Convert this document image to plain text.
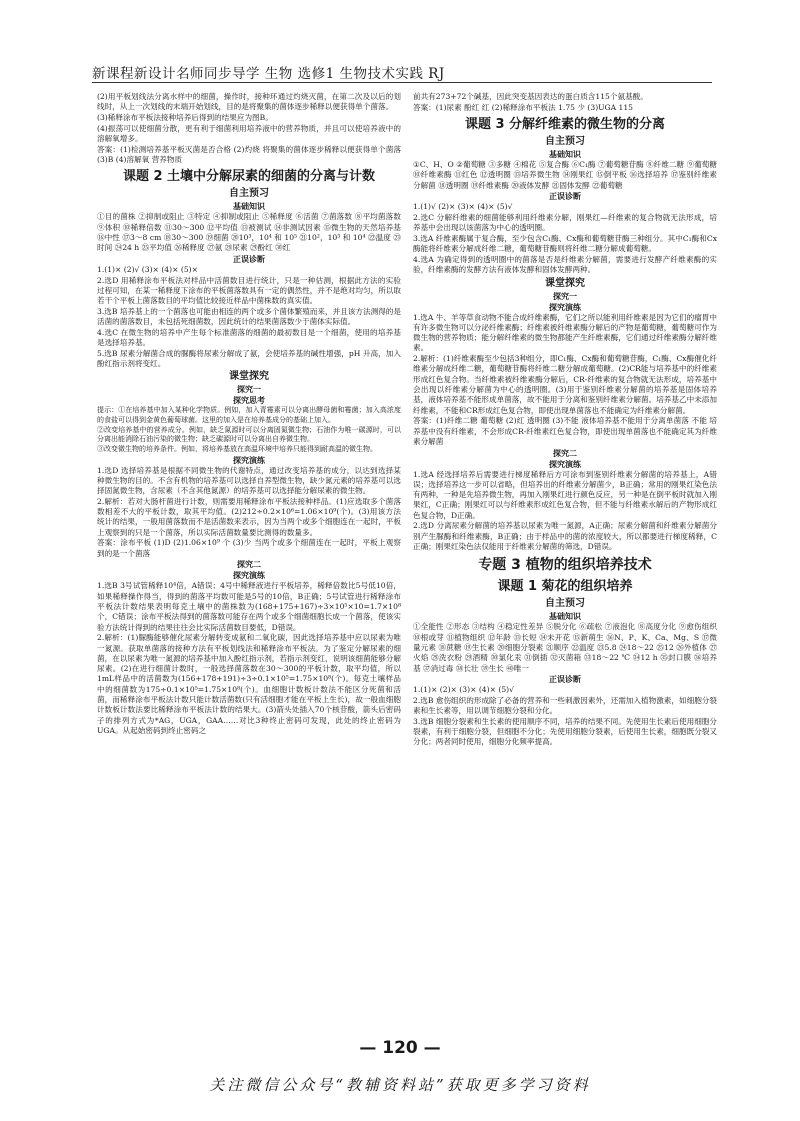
新课程新设计名师同步导学 生物 选修1 生物技术实践 RJ

(2)用平板划线法分离水样中的细菌，操作时，接种环通过灼烧灭菌，在第二次及以后的划线时，从上一次划线的末端开始划线，目的是将聚集的菌体逐步稀释以便获得单个菌落。

(3)稀释涂布平板法接种培养后得到的结果应为图B。

(4)振荡可以使细菌分散，更有利于细菌利用培养液中的营养物质，并且可以使培养液中的溶解氧增多。

答案：(1)检测培养基平板灭菌是否合格 (2)灼烧 将聚集的菌体逐步稀释以便获得单个菌落 (3)B (4)溶解氧 营养物质

课题 2 土壤中分解尿素的细菌的分离与计数
自主预习
基础知识

①目的菌株 ②抑制或阻止 ③特定 ④抑制或阻止 ⑤稀释度 ⑥活菌 ⑦菌落数 ⑧平均菌落数 ⑨体积 ⑩稀释倍数 ⑪30～300 ⑫平均值 ⑬被测试 ⑭非测试因素 ⑮微生物的天然培养基 ⑯中性 ⑰3～8 cm ⑱30～300 ⑲细菌 ⑳10³，10⁴ 和 10⁵ ㉑10²，10³ 和 10⁴ ㉒温度 ㉓时间 ㉔24 h ㉕平均值 ㉖稀释度 ㉗氨 ㉘尿素 ㉙酚红 ㉚红

正误诊断

1.(1)× (2)√ (3)× (4)× (5)×

2.选D 用稀释涂布平板法对样品中活菌数目进行统计，只是一种估测，根据此方法的实验过程可知，在某一稀释度下涂布的平板菌落数具有一定的偶然性，并不是绝对均匀，所以取若干个平板上菌落数目的平均值比较接近样品中菌株数的真实值。

3.选B 培养基上的一个菌落也可能由相连的两个或多个菌体繁殖而来，并且该方法测得的是活菌的菌落数目，未包括死细菌数，因此统计的结果菌落数少于菌体实际值。

4.选C 在微生物的培养中产生每个标准菌落的细菌的最初数目是一个细菌，使用的培养基是选择培养基。

5.选B 尿素分解菌合成的脲酶将尿素分解成了氨，会使培养基的碱性增强，pH 升高，加入酚红指示剂将变红。

课堂探究
探究一
探究思考

提示：①在培养基中加入某种化学物质。例如，加入青霉素可以分离出酵母菌和霉菌；加入高浓度的食盐可以得到金黄色葡萄球菌。这里的加入是在培养基成分的基础上加入。

②改变培养基中的营养成分。例如，缺乏氮源时可以分离固氮微生物；石油作为唯一碳源时，可以分离出能消除石油污染的微生物；缺乏碳源时可以分离出自养微生物。

③改变微生物的培养条件。例如，将培养基放在高温环境中培养只能得到耐高温的微生物。

探究演练

1.选D 选择培养基是根据不同微生物的代谢特点，通过改变培养基的成分，以达到选择某种微生物的目的。不含有机物的培养基可以选择自养型微生物，缺少氮元素的培养基可以选择固氮微生物，含尿素（不含其他氮源）的培养基可以选择能分解尿素的微生物。

2.解析：若对大肠杆菌进行计数，则需要用稀释涂布平板法接种样品。(1)应选取多个菌落数相差不大的平板计数，取其平均值。(2)212÷0.2×10⁶=1.06×10⁹(个)。(3)用该方法统计的结果，一般用菌落数而不是活菌数来表示，因为当两个或多个细胞连在一起时，平板上观察到的只是一个菌落，所以实际活菌数量要比测得的数量多。

答案：涂布平板 (1)D (2)1.06×10⁹ 个 (3)少 当两个或多个细菌连在一起时，平板上观察到的是一个菌落

探究二
探究演练

1.选B 3号试管稀释10⁴倍，A错误；4号中稀释液进行平板培养，稀释倍数比5号低10倍，如果稀释操作得当，得到的菌落平均数可能是5号的10倍，B正确；5号试管进行稀释涂布平板法计数结果表明每克土壤中的菌株数为(168+175+167)÷3×10⁵×10=1.7×10⁸个，C错误；涂布平板法得到的菌落数可能存在两个或多个细菌细胞长成一个菌落，使该实验方法统计得到的结果往往会比实际活菌数目要低，D错误。

2.解析：(1)脲酶能够催化尿素分解转变成氨和二氧化碳，因此选择培养基中应以尿素为唯一氮源。获取单菌落的接种方法有平板划线法和稀释涂布平板法。为了鉴定分解尿素的细菌，在以尿素为唯一氮源的培养基中加入酚红指示剂，若指示剂变红，说明该细菌能够分解尿素。(2)在进行细菌计数时，一般选择菌落数在30～300的平板计数，取平均值，所以1mL样品中的活菌数为(156+178+191)÷3÷0.1×10⁵=1.75×10⁸(个)。每克土壤样品中的细菌数为175÷0.1×10⁵=1.75×10⁸(个)。血细胞计数板计数法不能区分死菌和活菌，而稀释涂布平板法计数只能计数活菌数(只有活细胞才能在平板上生长)，故一般血细胞计数板计数法要比稀释涂布平板法计数的结果大。(3)箭头处插入70个核苷酸，箭头后密码子的排列方式为*AG，UGA，GAA……对比3种终止密码可发现，此处的终止密码为UGA。从起始密码到终止密码之

前共有273+72个碱基，因此突变基因表达的蛋白质含115个氨基酸。

答案：(1)尿素 酚红 红 (2)稀释涂布平板法 1.75 少 (3)UGA 115

课题 3 分解纤维素的微生物的分离
自主预习
基础知识

①C、H、O ②葡萄糖 ③多糖 ④棉花 ⑤复合酶 ⑥C₁酶 ⑦葡萄糖苷酶 ⑧纤维二糖 ⑨葡萄糖 ⑩纤维素酶 ⑪红色 ⑫透明圈 ⑬培养微生物 ⑭刚果红 ⑮倒平板 ⑯选择培养 ⑰鉴别纤维素分解菌 ⑱透明圈 ⑲纤维素酶 ⑳液体发酵 ㉑固体发酵 ㉒葡萄糖

正误诊断

1.(1)√ (2)× (3)× (4)× (5)√

2.选C 分解纤维素的细菌能够利用纤维素分解，刚果红—纤维素的复合物就无法形成，培养基中会出现以该菌落为中心的透明圈。

3.选A 纤维素酶属于复合酶，至少包含C₁酶、Cx酶和葡萄糖苷酶三种组分。其中C₁酶和Cx酶能将纤维素分解成纤维二糖，葡萄糖苷酶则将纤维二糖分解成葡萄糖。

4.选A 为确定得到的透明圈中的菌落是否是纤维素分解菌，需要进行发酵产纤维素酶的实验，纤维素酶的发酵方法有液体发酵和固体发酵两种。

课堂探究
探究一
探究演练

1.选A 牛、羊等草食动物不能合成纤维素酶，它们之所以能利用纤维素是因为它们的瘤胃中有许多微生物可以分泌纤维素酶；纤维素被纤维素酶分解后的产物是葡萄糖，葡萄糖可作为微生物的营养物质；能分解纤维素的微生物都能产生纤维素酶，它们通过纤维素酶分解纤维素。

2.解析：(1)纤维素酶至少包括3种组分，即C₁酶、Cx酶和葡萄糖苷酶，C₁酶、Cx酶催化纤维素分解成纤维二糖，葡萄糖苷酶将纤维二糖分解成葡萄糖。(2)CR能与培养基中的纤维素形成红色复合物。当纤维素被纤维素酶分解后，CR-纤维素的复合物就无法形成，培养基中会出现以纤维素分解菌为中心的透明圈。(3)用于鉴别纤维素分解菌的培养基是固体培养基，液体培养基不能形成单菌落，故不能用于分离和鉴别纤维素分解菌。培养基乙中未添加纤维素，不能和CR形成红色复合物，即使出现单菌落也不能确定为纤维素分解菌。

答案：(1)纤维二糖 葡萄糖 (2)红 透明圈 (3)不能 液体培养基不能用于分离单菌落 不能 培养基中没有纤维素，不会形成CR-纤维素红色复合物，即使出现单菌落也不能确定其为纤维素分解菌

探究二
探究演练

1.选A 经选择培养后需要进行梯度稀释后方可涂布到鉴别纤维素分解菌的培养基上，A错误；选择培养这一步可以省略，但培养出的纤维素分解菌少，B正确；常用的刚果红染色法有两种，一种是先培养微生物，再加入刚果红进行颜色反应，另一种是在倒平板时就加入刚果红，C正确；刚果红可以与纤维素形成红色复合物，但不能与纤维素水解后的产物形成红色复合物，D正确。

2.选D 分离尿素分解菌的培养基以尿素为唯一氮源，A正确；尿素分解菌和纤维素分解菌分别产生脲酶和纤维素酶，B正确；由于样品中的菌的浓度较大，所以都要进行梯度稀释，C正确；刚果红染色法仅能用于纤维素分解菌的筛选，D错误。

专题 3 植物的组织培养技术
课题 1 菊花的组织培养
自主预习
基础知识

①全能性 ②形态 ③结构 ④稳定性差异 ⑤脱分化 ⑥疏松 ⑦液泡化 ⑧高度分化 ⑨愈伤组织 ⑩根或芽 ⑪植物组织 ⑫年龄 ⑬长短 ⑭未开花 ⑮新萌生 ⑯N、P、K、Ca、Mg、S ⑰微量元素 ⑱蔗糖 ⑲生长素 ⑳细胞分裂素 ㉑顺序 ㉒温度 ㉓5.8 ㉔18～22 ㉕12 ㉖外植体 ㉗火焰 ㉘洗衣粉 ㉙酒精 ㉚氯化汞 ㉛倒插 ㉜灭菌箱 ㉝18～22 ℃ ㉞12 h ㉟封口膜 ㊱培养基 ㊲消过毒 ㊳长壮 ㊴生长 ㊵唯一

正误诊断

1.(1)× (2)× (3)× (4)× (5)√

2.选B 愈伤组织的形成除了必备的营养和一些刺激因素外，还需加入植物激素，如细胞分裂素和生长素等，用以调节细胞分裂和分化。

3.选B 细胞分裂素和生长素的使用顺序不同，培养的结果不同。先使用生长素后使用细胞分裂素，有利于细胞分裂，但细胞不分化；先使用细胞分裂素，后使用生长素，细胞既分裂又分化；两者同时使用，细胞分化频率提高。

— 120 —
关注微信公众号“教辅资料站”获取更多学习资料
